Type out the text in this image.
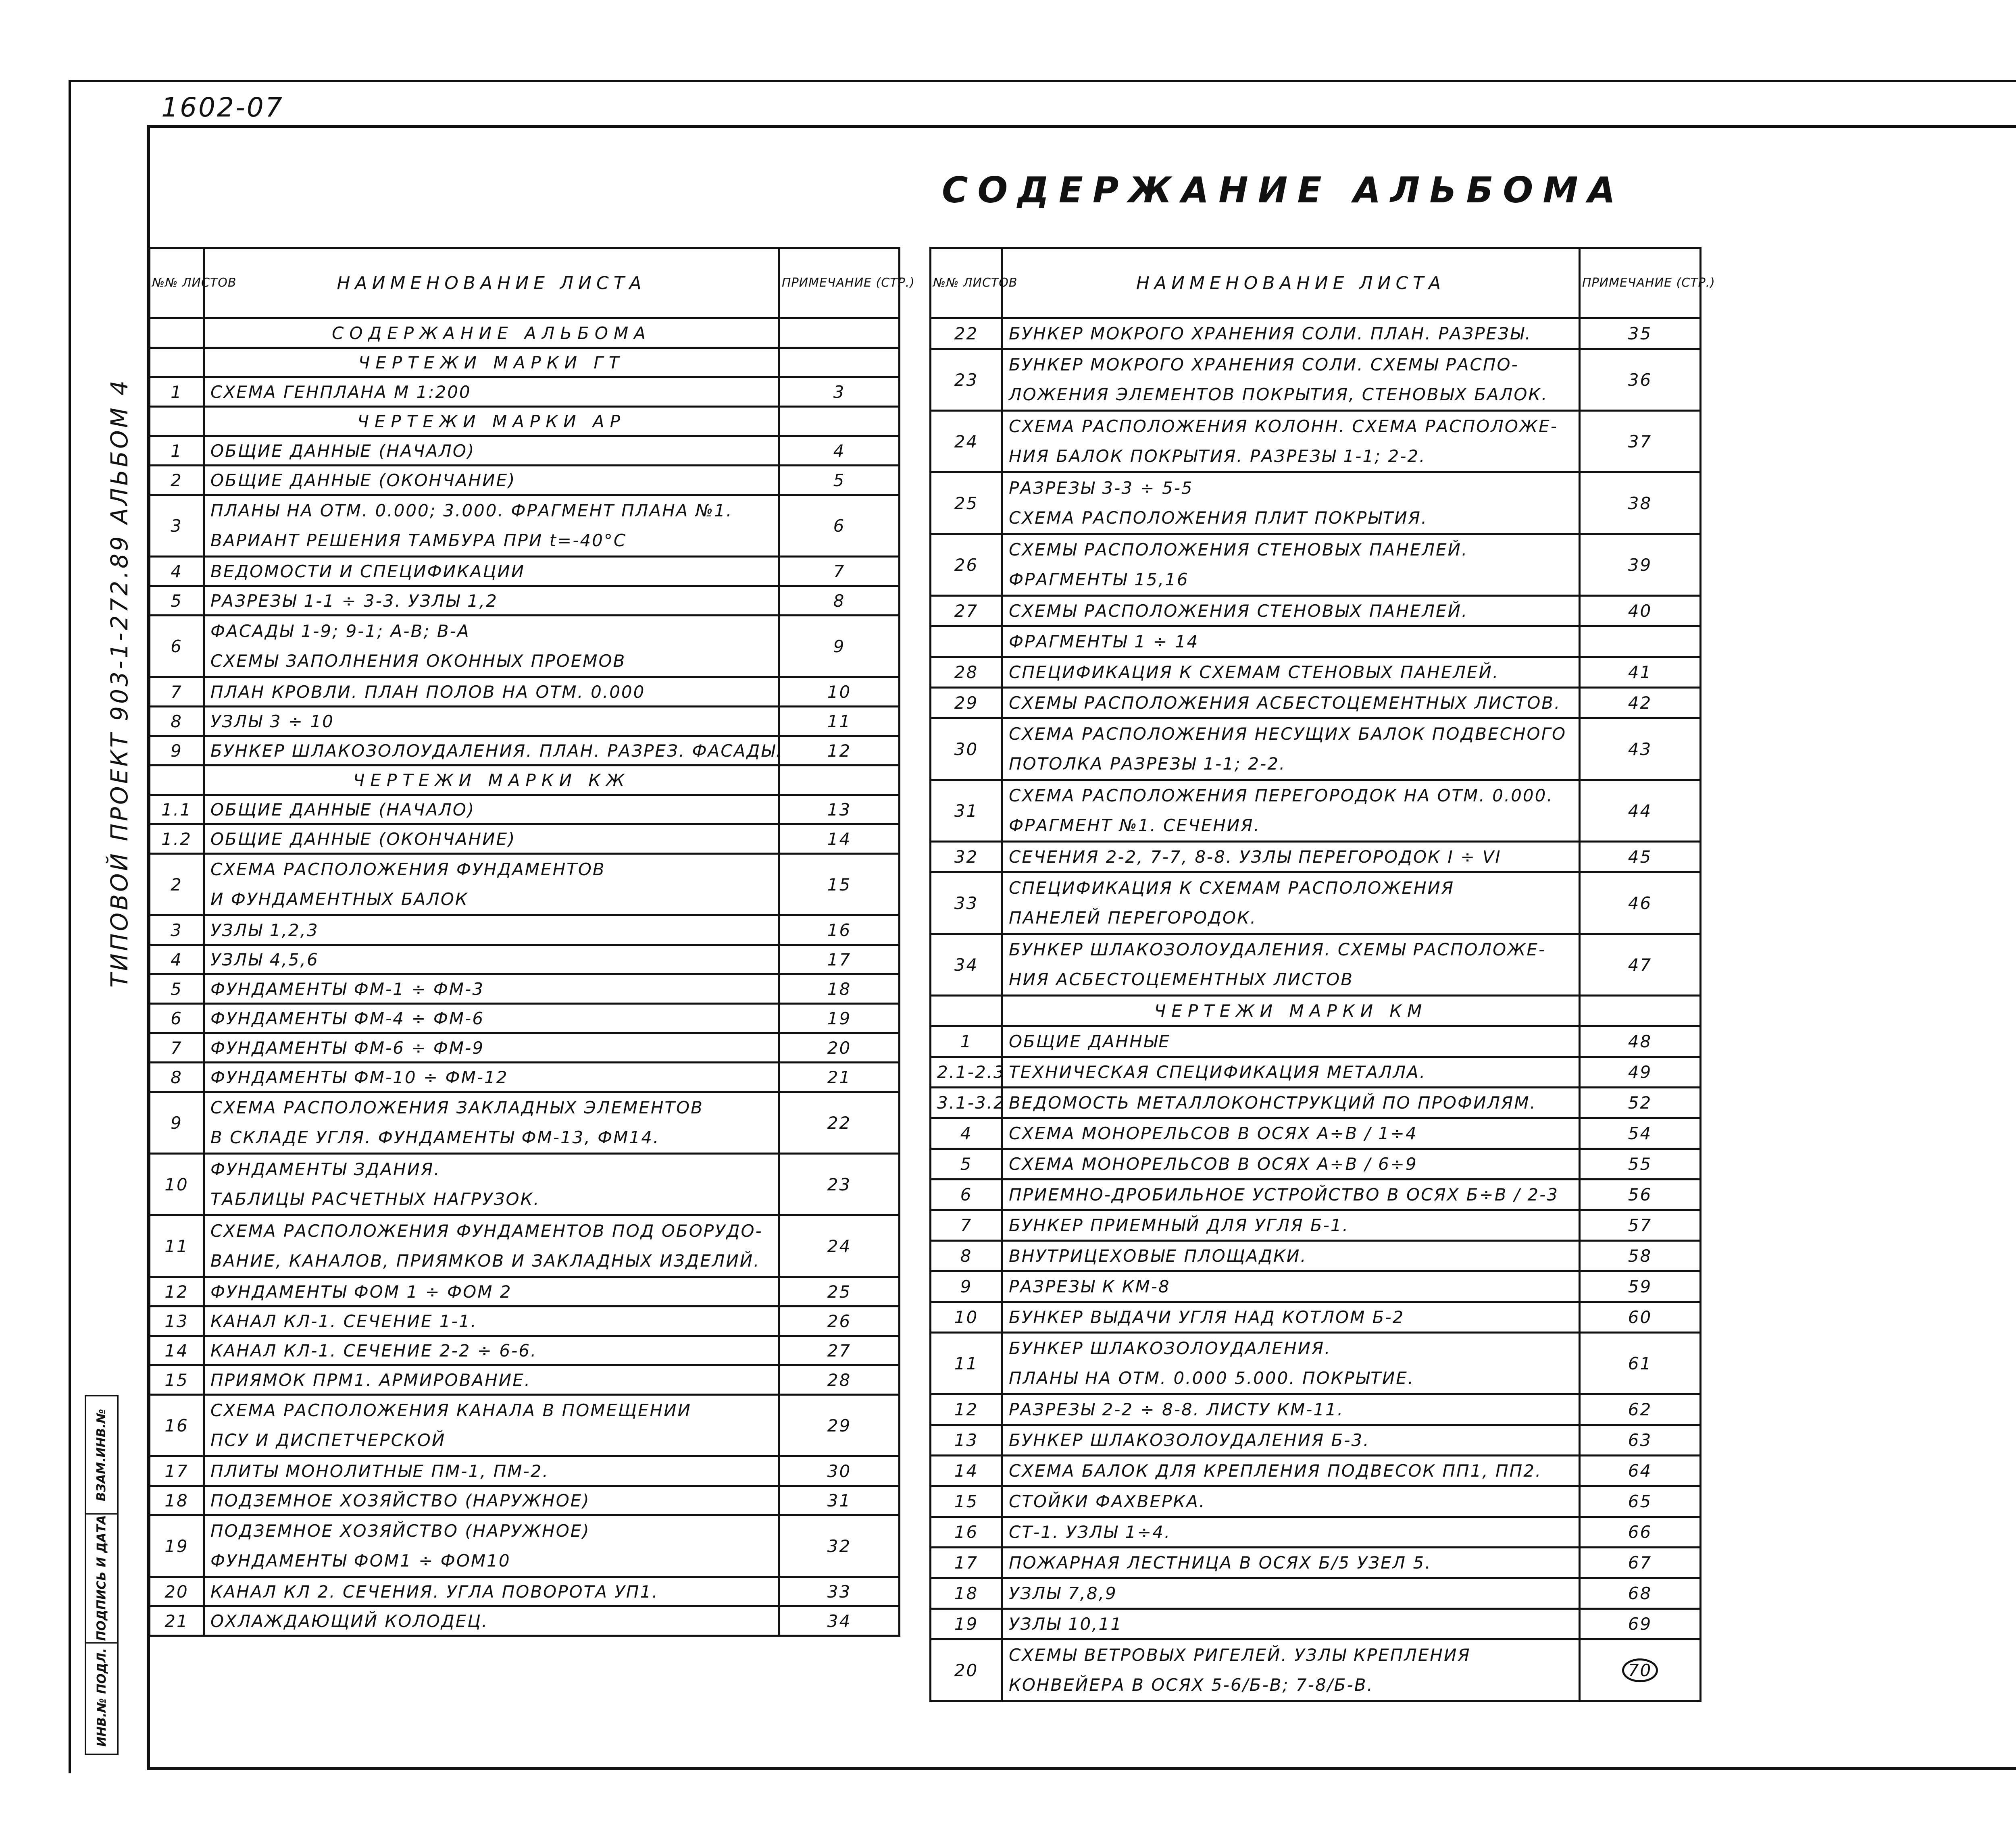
1602-07
СОДЕРЖАНИЕ АЛЬБОМА
ТИПОВОЙ ПРОЕКТ 903-1-272.89 АЛЬБОМ 4
ВЗАМ.ИНВ.№
ПОДПИСЬ И ДАТА
ИНВ.№ ПОДЛ.
№№ ЛИСТОВ	НАИМЕНОВАНИЕ ЛИСТА	ПРИМЕЧАНИЕ (СТР.)
	СОДЕРЖАНИЕ АЛЬБОМА	
	ЧЕРТЕЖИ МАРКИ ГТ	
1	СХЕМА ГЕНПЛАНА М 1:200	3
	ЧЕРТЕЖИ МАРКИ АР	
1	ОБЩИЕ ДАННЫЕ (НАЧАЛО)	4
2	ОБЩИЕ ДАННЫЕ (ОКОНЧАНИЕ)	5
3	ПЛАНЫ НА ОТМ. 0.000; 3.000. ФРАГМЕНТ ПЛАНА №1.
ВАРИАНТ РЕШЕНИЯ ТАМБУРА ПРИ t=-40°С	6
4	ВЕДОМОСТИ И СПЕЦИФИКАЦИИ	7
5	РАЗРЕЗЫ 1-1 ÷ 3-3. УЗЛЫ 1,2	8
6	ФАСАДЫ 1-9; 9-1; А-В; В-А
СХЕМЫ ЗАПОЛНЕНИЯ ОКОННЫХ ПРОЕМОВ	9
7	ПЛАН КРОВЛИ. ПЛАН ПОЛОВ НА ОТМ. 0.000	10
8	УЗЛЫ 3 ÷ 10	11
9	БУНКЕР ШЛАКОЗОЛОУДАЛЕНИЯ. ПЛАН. РАЗРЕЗ. ФАСАДЫ.	12
	ЧЕРТЕЖИ МАРКИ КЖ	
1.1	ОБЩИЕ ДАННЫЕ (НАЧАЛО)	13
1.2	ОБЩИЕ ДАННЫЕ (ОКОНЧАНИЕ)	14
2	СХЕМА РАСПОЛОЖЕНИЯ ФУНДАМЕНТОВ
И ФУНДАМЕНТНЫХ БАЛОК	15
3	УЗЛЫ 1,2,3	16
4	УЗЛЫ 4,5,6	17
5	ФУНДАМЕНТЫ ФМ-1 ÷ ФМ-3	18
6	ФУНДАМЕНТЫ ФМ-4 ÷ ФМ-6	19
7	ФУНДАМЕНТЫ ФМ-6 ÷ ФМ-9	20
8	ФУНДАМЕНТЫ ФМ-10 ÷ ФМ-12	21
9	СХЕМА РАСПОЛОЖЕНИЯ ЗАКЛАДНЫХ ЭЛЕМЕНТОВ
В СКЛАДЕ УГЛЯ. ФУНДАМЕНТЫ ФМ-13, ФМ14.	22
10	ФУНДАМЕНТЫ ЗДАНИЯ.
ТАБЛИЦЫ РАСЧЕТНЫХ НАГРУЗОК.	23
11	СХЕМА РАСПОЛОЖЕНИЯ ФУНДАМЕНТОВ ПОД ОБОРУДО-
ВАНИЕ, КАНАЛОВ, ПРИЯМКОВ И ЗАКЛАДНЫХ ИЗДЕЛИЙ.	24
12	ФУНДАМЕНТЫ ФОМ 1 ÷ ФОМ 2	25
13	КАНАЛ КЛ-1. СЕЧЕНИЕ 1-1.	26
14	КАНАЛ КЛ-1. СЕЧЕНИЕ 2-2 ÷ 6-6.	27
15	ПРИЯМОК ПРМ1. АРМИРОВАНИЕ.	28
16	СХЕМА РАСПОЛОЖЕНИЯ КАНАЛА В ПОМЕЩЕНИИ
ПСУ И ДИСПЕТЧЕРСКОЙ	29
17	ПЛИТЫ МОНОЛИТНЫЕ ПМ-1, ПМ-2.	30
18	ПОДЗЕМНОЕ ХОЗЯЙСТВО (НАРУЖНОЕ)	31
19	ПОДЗЕМНОЕ ХОЗЯЙСТВО (НАРУЖНОЕ)
ФУНДАМЕНТЫ ФОМ1 ÷ ФОМ10	32
20	КАНАЛ КЛ 2. СЕЧЕНИЯ. УГЛА ПОВОРОТА УП1.	33
21	ОХЛАЖДАЮЩИЙ КОЛОДЕЦ.	34
№№ ЛИСТОВ	НАИМЕНОВАНИЕ ЛИСТА	ПРИМЕЧАНИЕ (СТР.)
22	БУНКЕР МОКРОГО ХРАНЕНИЯ СОЛИ. ПЛАН. РАЗРЕЗЫ.	35
23	БУНКЕР МОКРОГО ХРАНЕНИЯ СОЛИ. СХЕМЫ РАСПО-
ЛОЖЕНИЯ ЭЛЕМЕНТОВ ПОКРЫТИЯ, СТЕНОВЫХ БАЛОК.	36
24	СХЕМА РАСПОЛОЖЕНИЯ КОЛОНН. СХЕМА РАСПОЛОЖЕ-
НИЯ БАЛОК ПОКРЫТИЯ. РАЗРЕЗЫ 1-1; 2-2.	37
25	РАЗРЕЗЫ 3-3 ÷ 5-5
СХЕМА РАСПОЛОЖЕНИЯ ПЛИТ ПОКРЫТИЯ.	38
26	СХЕМЫ РАСПОЛОЖЕНИЯ СТЕНОВЫХ ПАНЕЛЕЙ.
ФРАГМЕНТЫ 15,16	39
27	СХЕМЫ РАСПОЛОЖЕНИЯ СТЕНОВЫХ ПАНЕЛЕЙ.	40
	ФРАГМЕНТЫ 1 ÷ 14	
28	СПЕЦИФИКАЦИЯ К СХЕМАМ СТЕНОВЫХ ПАНЕЛЕЙ.	41
29	СХЕМЫ РАСПОЛОЖЕНИЯ АСБЕСТОЦЕМЕНТНЫХ ЛИСТОВ.	42
30	СХЕМА РАСПОЛОЖЕНИЯ НЕСУЩИХ БАЛОК ПОДВЕСНОГО
ПОТОЛКА РАЗРЕЗЫ 1-1; 2-2.	43
31	СХЕМА РАСПОЛОЖЕНИЯ ПЕРЕГОРОДОК НА ОТМ. 0.000.
ФРАГМЕНТ №1. СЕЧЕНИЯ.	44
32	СЕЧЕНИЯ 2-2, 7-7, 8-8. УЗЛЫ ПЕРЕГОРОДОК I ÷ VI	45
33	СПЕЦИФИКАЦИЯ К СХЕМАМ РАСПОЛОЖЕНИЯ
ПАНЕЛЕЙ ПЕРЕГОРОДОК.	46
34	БУНКЕР ШЛАКОЗОЛОУДАЛЕНИЯ. СХЕМЫ РАСПОЛОЖЕ-
НИЯ АСБЕСТОЦЕМЕНТНЫХ ЛИСТОВ	47
	ЧЕРТЕЖИ МАРКИ КМ	
1	ОБЩИЕ ДАННЫЕ	48
2.1-2.3	ТЕХНИЧЕСКАЯ СПЕЦИФИКАЦИЯ МЕТАЛЛА.	49
3.1-3.2	ВЕДОМОСТЬ МЕТАЛЛОКОНСТРУКЦИЙ ПО ПРОФИЛЯМ.	52
4	СХЕМА МОНОРЕЛЬСОВ В ОСЯХ А÷В / 1÷4	54
5	СХЕМА МОНОРЕЛЬСОВ В ОСЯХ А÷В / 6÷9	55
6	ПРИЕМНО-ДРОБИЛЬНОЕ УСТРОЙСТВО В ОСЯХ Б÷В / 2-3	56
7	БУНКЕР ПРИЕМНЫЙ ДЛЯ УГЛЯ Б-1.	57
8	ВНУТРИЦЕХОВЫЕ ПЛОЩАДКИ.	58
9	РАЗРЕЗЫ К КМ-8	59
10	БУНКЕР ВЫДАЧИ УГЛЯ НАД КОТЛОМ Б-2	60
11	БУНКЕР ШЛАКОЗОЛОУДАЛЕНИЯ.
ПЛАНЫ НА ОТМ. 0.000 5.000. ПОКРЫТИЕ.	61
12	РАЗРЕЗЫ 2-2 ÷ 8-8. ЛИСТУ КМ-11.	62
13	БУНКЕР ШЛАКОЗОЛОУДАЛЕНИЯ Б-3.	63
14	СХЕМА БАЛОК ДЛЯ КРЕПЛЕНИЯ ПОДВЕСОК ПП1, ПП2.	64
15	СТОЙКИ ФАХВЕРКА.	65
16	СТ-1. УЗЛЫ 1÷4.	66
17	ПОЖАРНАЯ ЛЕСТНИЦА В ОСЯХ Б/5 УЗЕЛ 5.	67
18	УЗЛЫ 7,8,9	68
19	УЗЛЫ 10,11	69
20	СХЕМЫ ВЕТРОВЫХ РИГЕЛЕЙ. УЗЛЫ КРЕПЛЕНИЯ
КОНВЕЙЕРА В ОСЯХ 5-6/Б-В; 7-8/Б-В.	70
